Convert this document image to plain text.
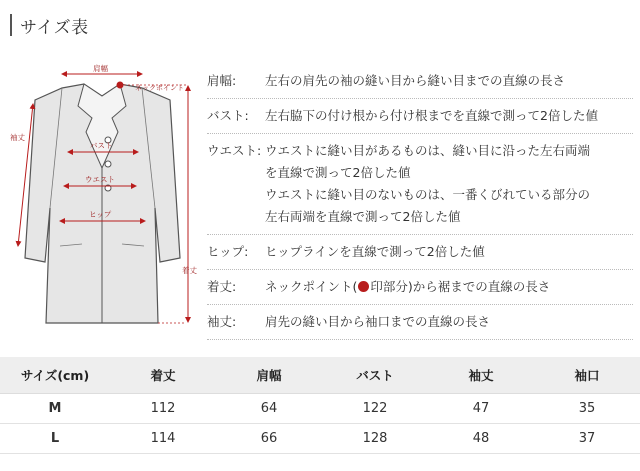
サイズ表
ネックポイント
肩幅
袖丈
バスト
ウエスト
ヒップ
着丈
肩幅:	左右の肩先の袖の縫い目から縫い目までの直線の長さ
バスト:	左右脇下の付け根から付け根までを直線で測って2倍した値
ウエスト: ウエストに縫い目があるものは、縫い目に沿った左右両端
を直線で測って2倍した値
ウエストに縫い目のないものは、一番くびれている部分の
左右両端を直線で測って2倍した値
ヒップ:	ヒップラインを直線で測って2倍した値
着丈:	ネックポイント( 印部分)から裾までの直線の長さ
袖丈:	肩先の縫い目から袖口までの直線の長さ
サイズ(cm)	着丈	肩幅	バスト	袖丈	袖口
M	112	64	122	47	35
L	114	66	128	48	37
